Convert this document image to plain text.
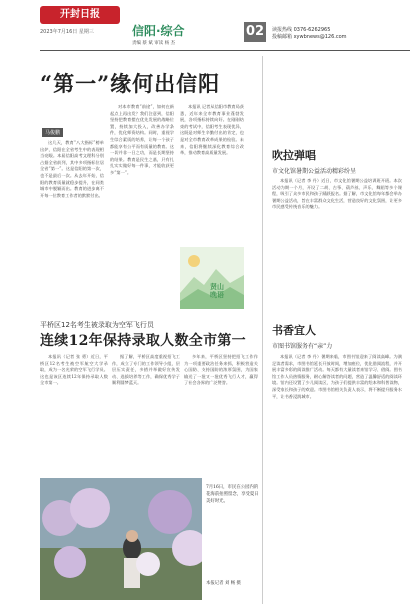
开封日报
2023年7月16日 星期三	信阳·综合
责编 蔡 斌 审读 杨 杰
02	读报热线 0376-6262965
投稿邮箱 xywbnews@126.com
“第一”缘何出信阳
马俊鹏

这几天，教育“八大指标”榜单出炉，信阳在全省考生中的表现相当亮眼。本届信阳高考文理科分别占据全省前列，其中多项指标位居全省“第一”。这是信阳的第一次，也不是最后一次。从去年开始，信阳的教育质量就稳步提升，在同类城市中脱颖而出。教育的进步离不开每一位教育工作者的默默付出。

对本市教育“前途”，如何在新起点上再出发？我们注意到，信阳坚持把教育摆在优先发展的战略位置，持续加大投入，改善办学条件，优化师资结构。同时，重视学生综合素质的培养，让每一个孩子都能享有公平而有质量的教育。这一切并非一日之功，而是长期坚持的结果。教育是民生之基，只有扎扎实实做好每一件事，才能收获更多“第一”。

本报讯 记者从信阳市教育局获悉，近年来全市教育事业蓬勃发展，各项指标持续向好。在刚刚结束的考试中，信阳考生表现优异，这既是对师生辛勤付出的肯定，也是对全市教育改革成果的检验。未来，信阳将继续深化教育综合改革，推动教育高质量发展。

贤山
晚语
吹拉弹唱
市文化馆暑期公益活动精彩纷呈

本报讯（记者 李 丹）近日，市文化馆暑期公益培训班开班。本次活动为期一个月，开设了二胡、古筝、葫芦丝、声乐、舞蹈等多个课程，吸引了众多市民和孩子踊跃报名。据了解，市文化馆每年都会举办暑期公益活动，旨在丰富群众文化生活，营造良好的文化氛围，让更多市民感受传统音乐的魅力。

书香宜人
市图书馆服务有“亲”力

本报讯（记者 李 丹）暑期来临，市图书馆迎来了阅读高峰。为满足读者需求，市图书馆延长开放时间，增加座位，优化借阅流程，并开展丰富多彩的阅读推广活动。每天都有大量读者来馆学习、借阅。图书馆工作人员热情服务，耐心解答读者的问题，营造了温馨舒适的阅读环境。馆内还设置了少儿阅读区，为孩子们提供丰富的绘本和科普读物，深受家长和孩子的欢迎。市图书馆相关负责人表示，将不断提升服务水平，让书香浸润城市。

平桥区12名考生被录取为空军飞行员
连续12年保持录取人数全市第一

本报讯（记者 张 勇）近日，平桥区12名考生被空军航空大学录取，成为一名光荣的空军飞行学员。这也是该区连续12年保持录取人数全市第一。

据了解，平桥区高度重视招飞工作，成立了专门的工作领导小组，层层压实责任，多措并举做好宣传发动、选拔培养等工作，确保优秀学子顺利圆梦蓝天。

多年来，平桥区坚持把招飞工作作为一项重要政治任务来抓，积极营造关心国防、支持国防的浓厚氛围，为国家输送了一批又一批优秀飞行人才，赢得了社会各界的广泛赞誉。

7月16日，市民在公园内的花海前拍照留念，享受夏日美好时光。
本报记者 刘 畅 摄
